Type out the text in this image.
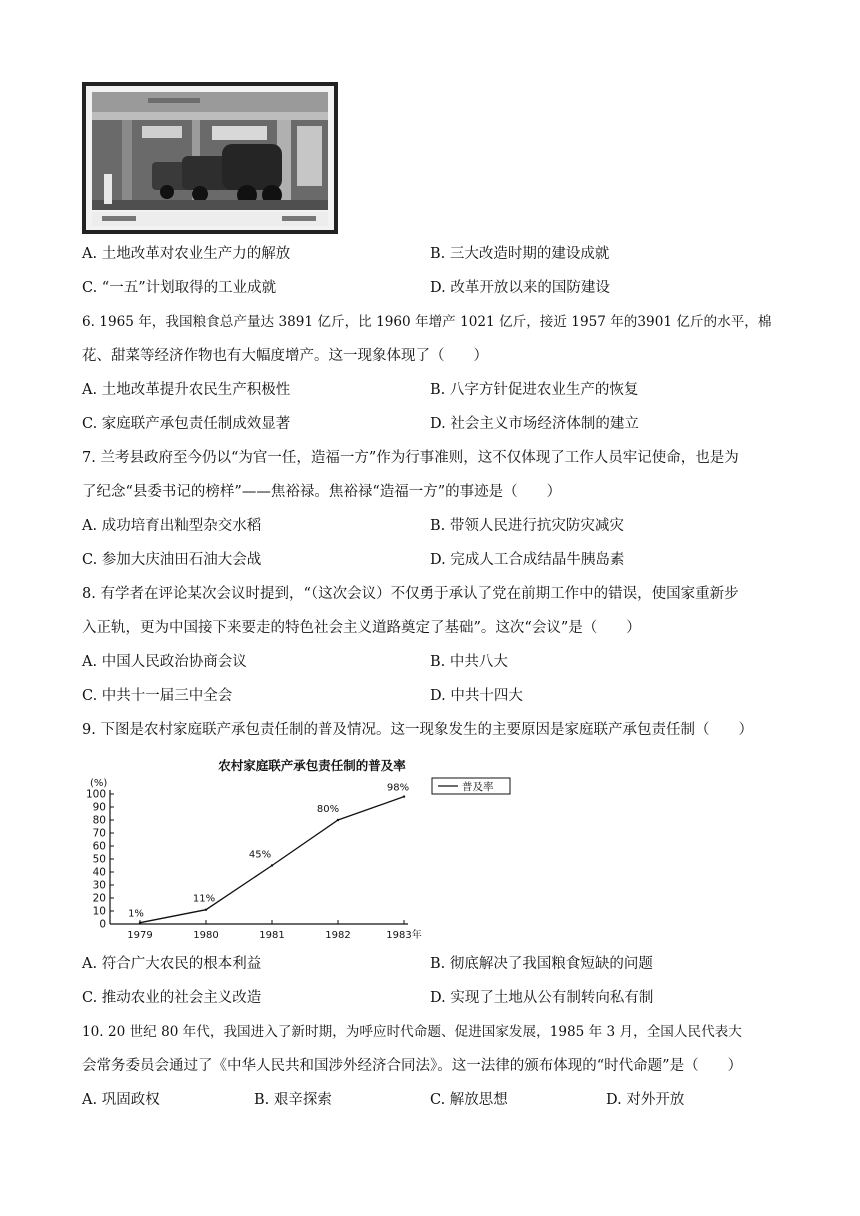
A. 土地改革对农业生产力的解放	B. 三大改造时期的建设成就
C. “一五”计划取得的工业成就	D. 改革开放以来的国防建设
6. 1965 年，我国粮食总产量达 3891 亿斤，比 1960 年增产 1021 亿斤，接近 1957 年的3901 亿斤的水平，棉
花、甜菜等经济作物也有大幅度增产。这一现象体现了（　　）
A. 土地改革提升农民生产积极性	B. 八字方针促进农业生产的恢复
C. 家庭联产承包责任制成效显著	D. 社会主义市场经济体制的建立
7. 兰考县政府至今仍以“为官一任，造福一方”作为行事准则，这不仅体现了工作人员牢记使命，也是为
了纪念“县委书记的榜样”——焦裕禄。焦裕禄“造福一方”的事迹是（　　）
A. 成功培育出籼型杂交水稻	B. 带领人民进行抗灾防灾减灾
C. 参加大庆油田石油大会战	D. 完成人工合成结晶牛胰岛素
8. 有学者在评论某次会议时提到，“（这次会议）不仅勇于承认了党在前期工作中的错误，使国家重新步
入正轨，更为中国接下来要走的特色社会主义道路奠定了基础”。这次“会议”是（　　）
A. 中国人民政治协商会议	B. 中共八大
C. 中共十一届三中全会	D. 中共十四大
9. 下图是农村家庭联产承包责任制的普及情况。这一现象发生的主要原因是家庭联产承包责任制（　　）
农村家庭联产承包责任制的普及率
(%)	普及率
0
10
20
30
40
50
60
70
80
90
100
1979	1980	1981	1982	1983年
1%
11%
45%
80%
98%
A. 符合广大农民的根本利益	B. 彻底解决了我国粮食短缺的问题
C. 推动农业的社会主义改造	D. 实现了土地从公有制转向私有制
10. 20 世纪 80 年代，我国进入了新时期，为呼应时代命题、促进国家发展，1985 年 3 月，全国人民代表大
会常务委员会通过了《中华人民共和国涉外经济合同法》。这一法律的颁布体现的“时代命题”是（　　）
A. 巩固政权	B. 艰辛探索	C. 解放思想	D. 对外开放
